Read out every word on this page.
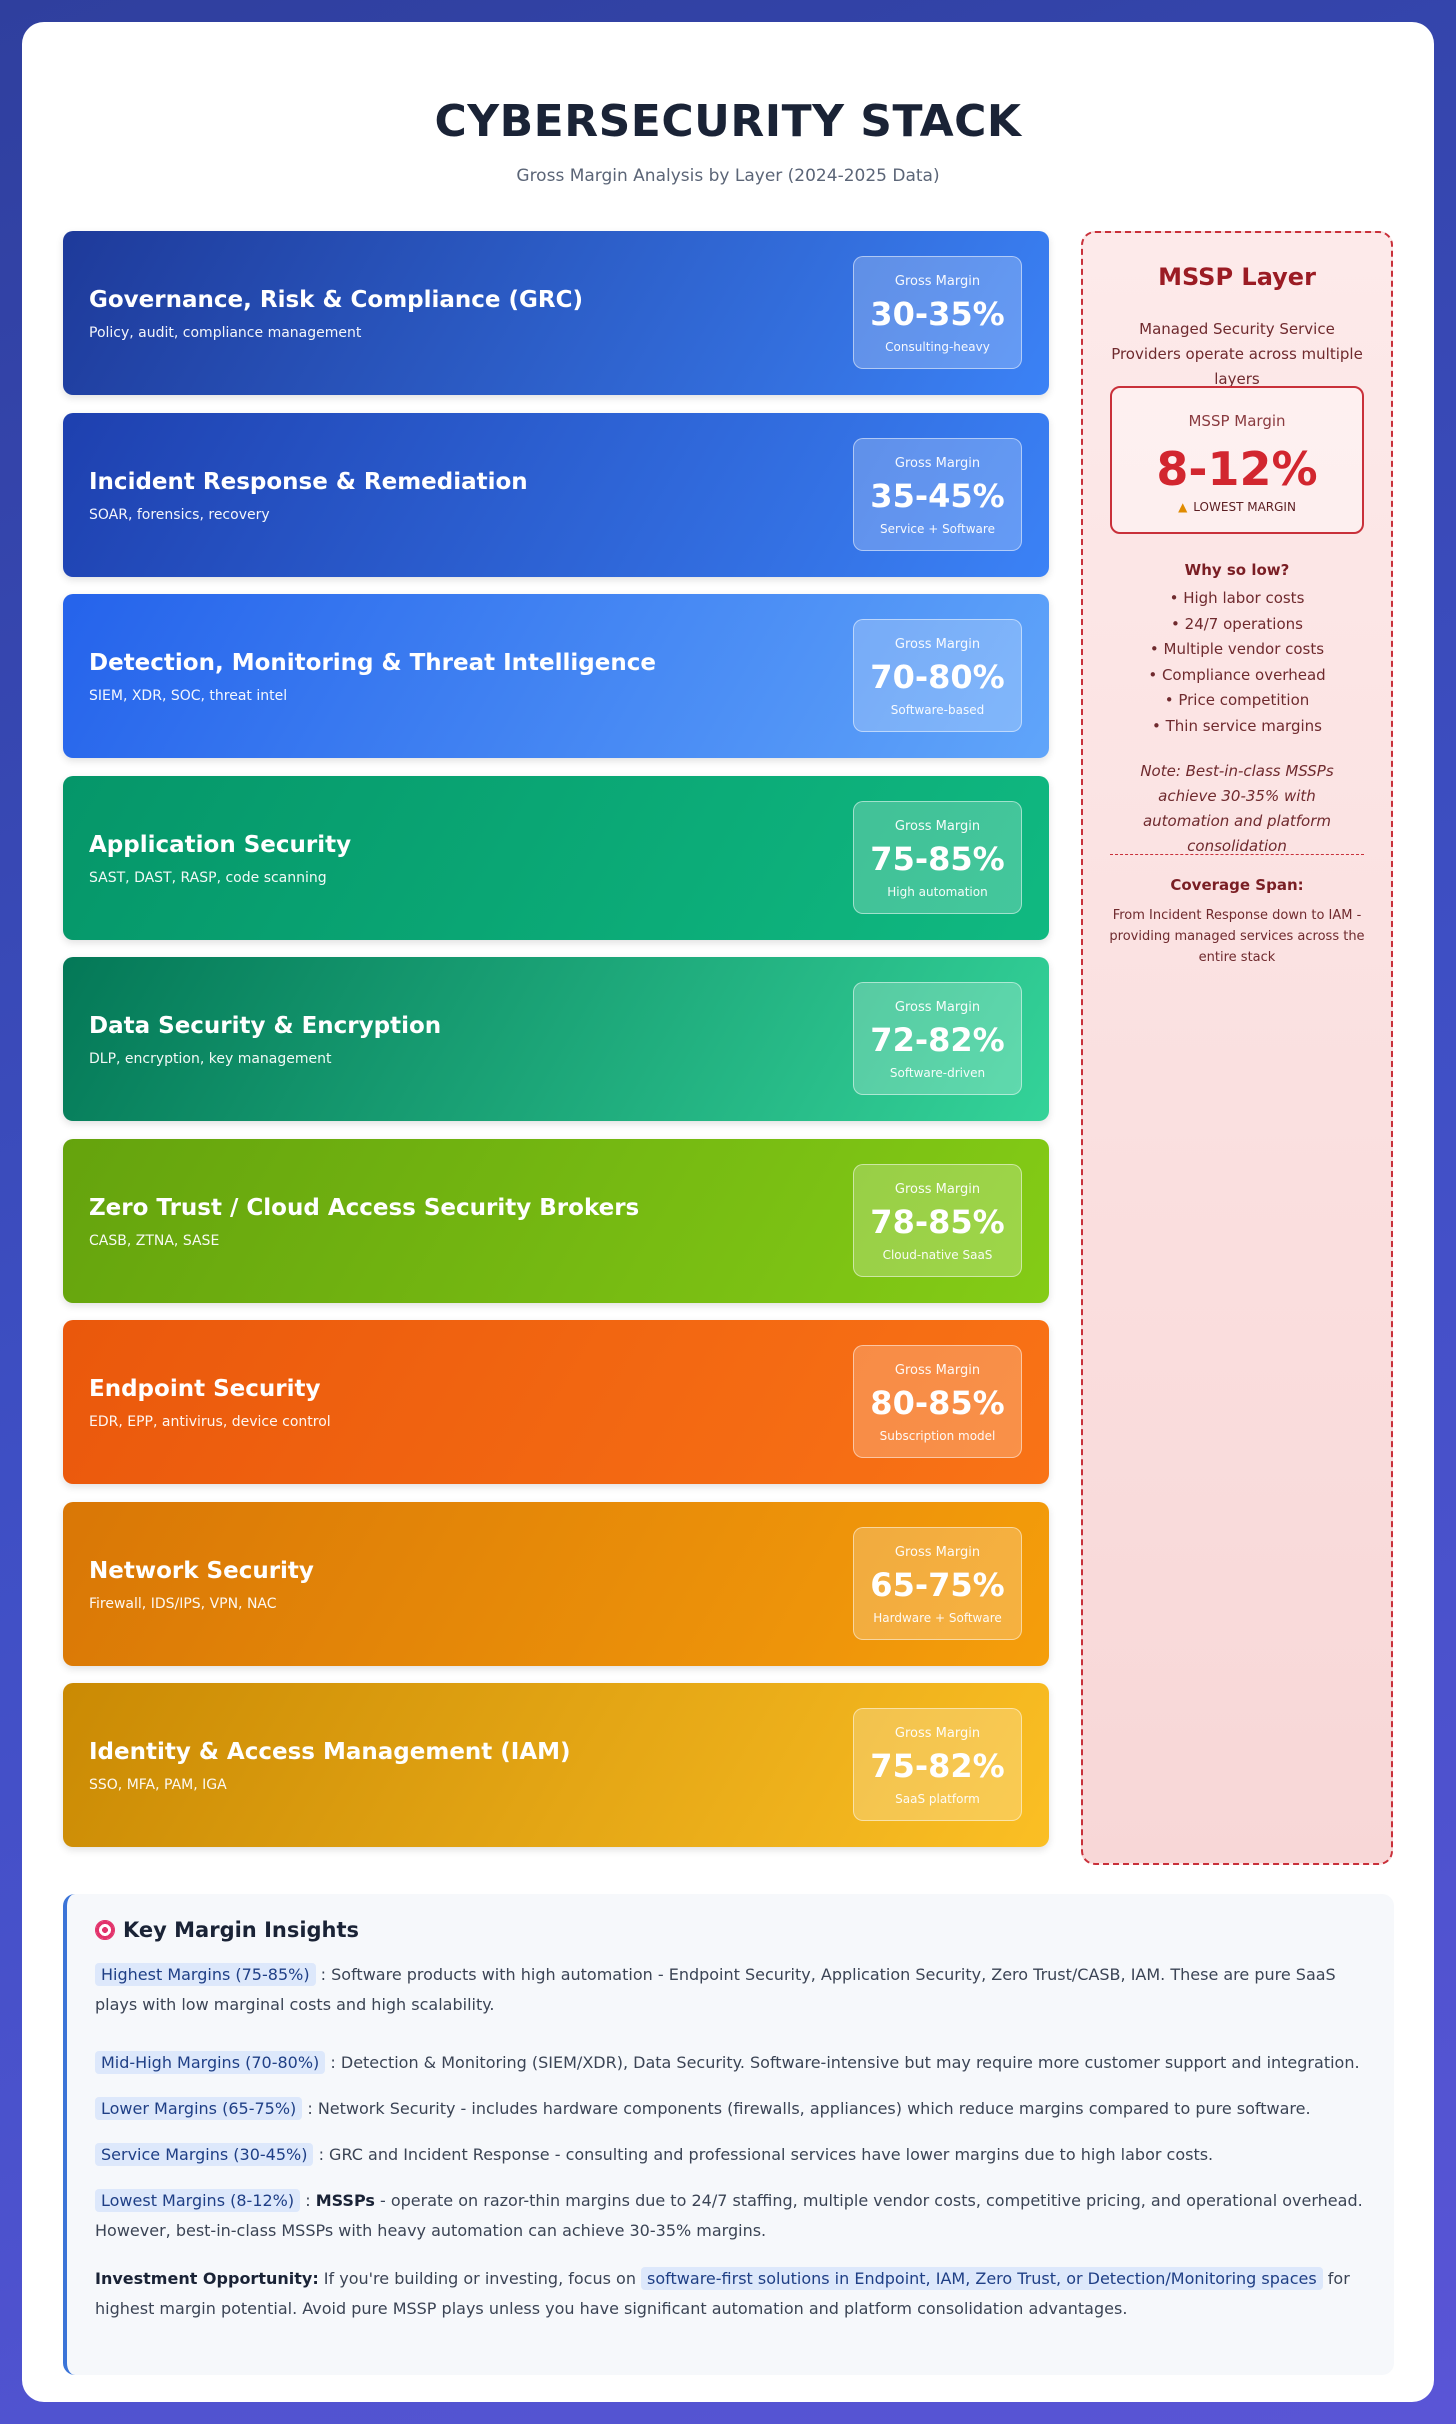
CYBERSECURITY STACK
Gross Margin Analysis by Layer (2024-2025 Data)
Governance, Risk & Compliance (GRC)
Policy, audit, compliance management
Gross Margin
30-35%
Consulting-heavy
Incident Response & Remediation
SOAR, forensics, recovery
Gross Margin
35-45%
Service + Software
Detection, Monitoring & Threat Intelligence
SIEM, XDR, SOC, threat intel
Gross Margin
70-80%
Software-based
Application Security
SAST, DAST, RASP, code scanning
Gross Margin
75-85%
High automation
Data Security & Encryption
DLP, encryption, key management
Gross Margin
72-82%
Software-driven
Zero Trust / Cloud Access Security Brokers
CASB, ZTNA, SASE
Gross Margin
78-85%
Cloud-native SaaS
Endpoint Security
EDR, EPP, antivirus, device control
Gross Margin
80-85%
Subscription model
Network Security
Firewall, IDS/IPS, VPN, NAC
Gross Margin
65-75%
Hardware + Software
Identity & Access Management (IAM)
SSO, MFA, PAM, IGA
Gross Margin
75-82%
SaaS platform
MSSP Layer
Managed Security Service Providers operate across multiple layers
MSSP Margin
8-12%
▲ LOWEST MARGIN
Why so low?
• High labor costs
• 24/7 operations
• Multiple vendor costs
• Compliance overhead
• Price competition
• Thin service margins
Note: Best-in-class MSSPs achieve 30-35% with automation and platform consolidation
Coverage Span:
From Incident Response down to IAM - providing managed services across the entire stack
Key Margin Insights
Highest Margins (75-85%) : Software products with high automation - Endpoint Security, Application Security, Zero Trust/CASB, IAM. These are pure SaaS plays with low marginal costs and high scalability.
Mid-High Margins (70-80%) : Detection & Monitoring (SIEM/XDR), Data Security. Software-intensive but may require more customer support and integration.
Lower Margins (65-75%) : Network Security - includes hardware components (firewalls, appliances) which reduce margins compared to pure software.
Service Margins (30-45%) : GRC and Incident Response - consulting and professional services have lower margins due to high labor costs.
Lowest Margins (8-12%) : MSSPs - operate on razor-thin margins due to 24/7 staffing, multiple vendor costs, competitive pricing, and operational overhead. However, best-in-class MSSPs with heavy automation can achieve 30-35% margins.
Investment Opportunity: If you're building or investing, focus on software-first solutions in Endpoint, IAM, Zero Trust, or Detection/Monitoring spaces for highest margin potential. Avoid pure MSSP plays unless you have significant automation and platform consolidation advantages.
